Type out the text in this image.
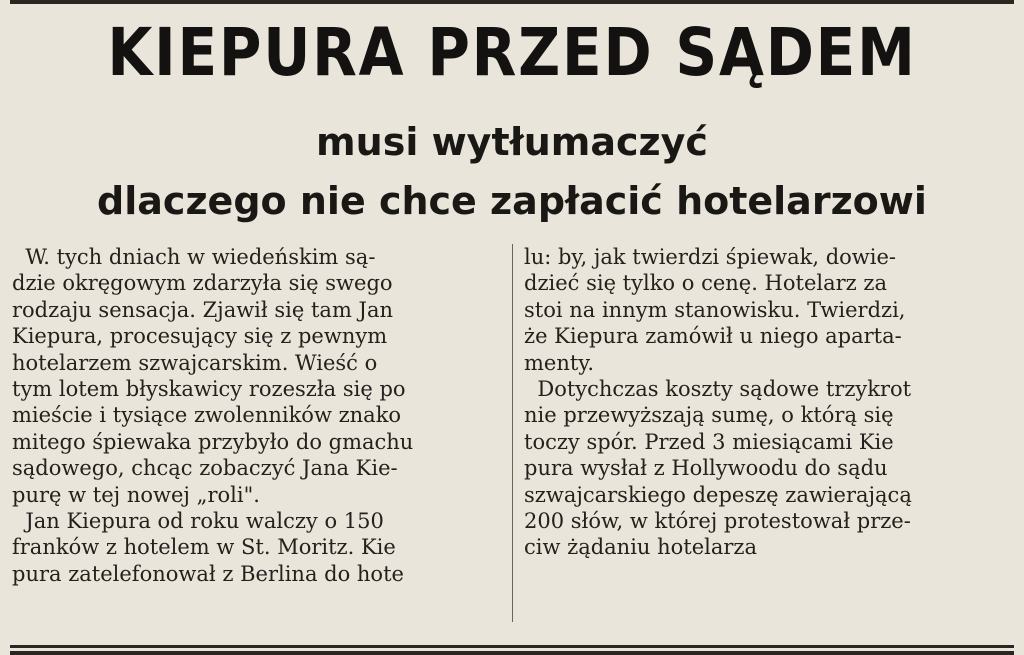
KIEPURA PRZED SĄDEM
musi wytłumaczyć
dlaczego nie chce zapłacić hotelarzowi
W. tych dniach w wiedeńskim są-
dzie okręgowym zdarzyła się swego
rodzaju sensacja. Zjawił się tam Jan
Kiepura, procesujący się z pewnym
hotelarzem szwajcarskim. Wieść o
tym lotem błyskawicy rozeszła się po
mieście i tysiące zwolenników znako
mitego śpiewaka przybyło do gmachu
sądowego, chcąc zobaczyć Jana Kie-
purę w tej nowej „roli".
Jan Kiepura od roku walczy o 150
franków z hotelem w St. Moritz. Kie
pura zatelefonował z Berlina do hote
lu: by, jak twierdzi śpiewak, dowie-
dzieć się tylko o cenę. Hotelarz za
stoi na innym stanowisku. Twierdzi,
że Kiepura zamówił u niego aparta-
menty.
Dotychczas koszty sądowe trzykrot
nie przewyższają sumę, o którą się
toczy spór. Przed 3 miesiącami Kie
pura wysłał z Hollywoodu do sądu
szwajcarskiego depeszę zawierającą
200 słów, w której protestował prze-
ciw żądaniu hotelarza
